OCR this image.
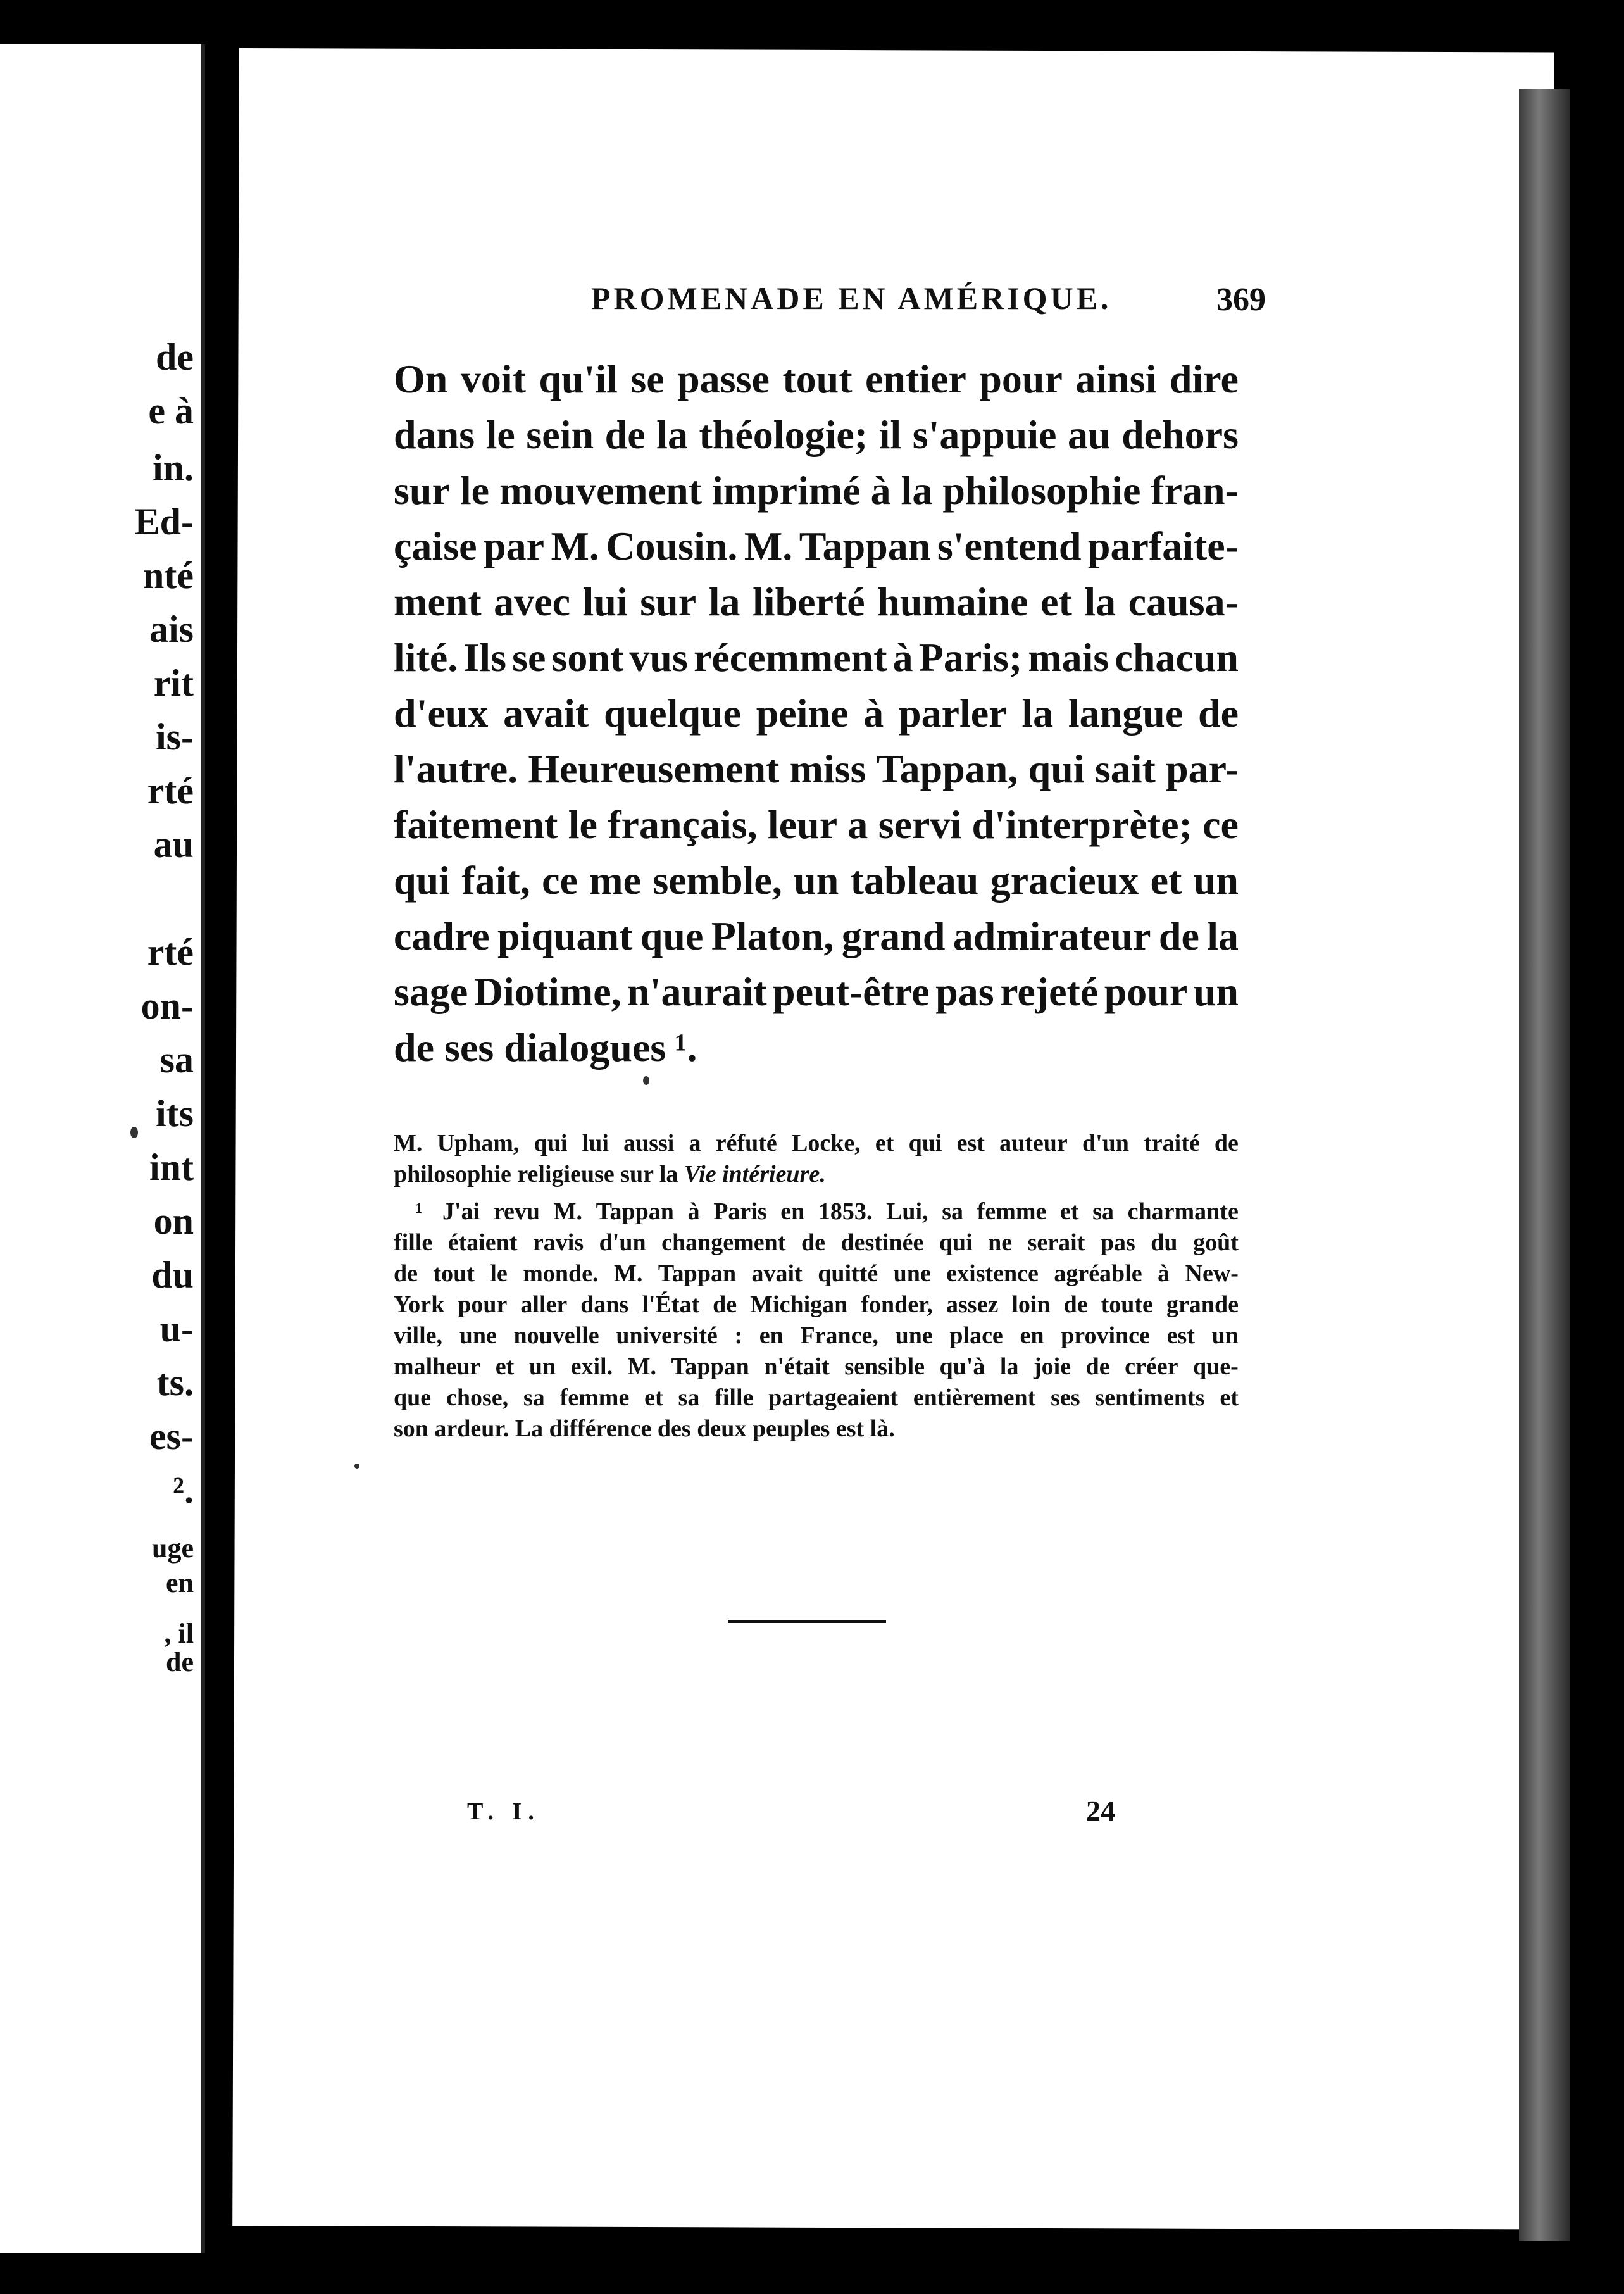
de
e à
in.
Ed-
nté
ais
rit
is-
rté
au
rté
on-
sa
its
int
on
du
u-
ts.
es-
².
uge
en
, il
de
PROMENADE EN AMÉRIQUE.	369
On voit qu'il se passe tout entier pour ainsi dire
dans le sein de la théologie; il s'appuie au dehors
sur le mouvement imprimé à la philosophie fran-
çaise par M. Cousin. M. Tappan s'entend parfaite-
ment avec lui sur la liberté humaine et la causa-
lité. Ils se sont vus récemment à Paris; mais chacun
d'eux avait quelque peine à parler la langue de
l'autre. Heureusement miss Tappan, qui sait par-
faitement le français, leur a servi d'interprète; ce
qui fait, ce me semble, un tableau gracieux et un
cadre piquant que Platon, grand admirateur de la
sage Diotime, n'aurait peut-être pas rejeté pour un
de ses dialogues ¹.
M. Upham, qui lui aussi a réfuté Locke, et qui est auteur d'un traité de
philosophie religieuse sur la Vie intérieure.
¹ J'ai revu M. Tappan à Paris en 1853. Lui, sa femme et sa charmante
fille étaient ravis d'un changement de destinée qui ne serait pas du goût
de tout le monde. M. Tappan avait quitté une existence agréable à New-
York pour aller dans l'État de Michigan fonder, assez loin de toute grande
ville, une nouvelle université : en France, une place en province est un
malheur et un exil. M. Tappan n'était sensible qu'à la joie de créer que-
que chose, sa femme et sa fille partageaient entièrement ses sentiments et
son ardeur. La différence des deux peuples est là.
T. I.	24
